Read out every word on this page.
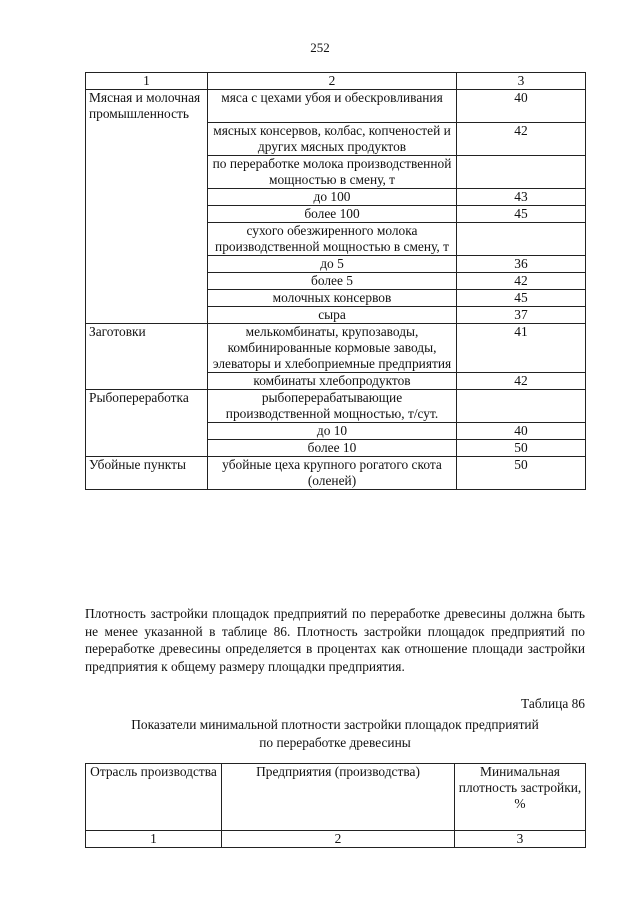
252
1	2	3
Мясная и молочная промышленность	мяса с цехами убоя и обескровливания	40
	мясных консервов, колбас, копченостей и других мясных продуктов	42
	по переработке молока производственной мощностью в смену, т	
	до 100	43
	более 100	45
	сухого обезжиренного молока производственной мощностью в смену, т	
	до 5	36
	более 5	42
	молочных консервов	45
	сыра	37
Заготовки	мелькомбинаты, крупозаводы, комбинированные кормовые заводы, элеваторы и хлебоприемные предприятия	41
	комбинаты хлебопродуктов	42
Рыбопереработка	рыбоперерабатывающие производственной мощностью, т/сут.	
	до 10	40
	более 10	50
Убойные пункты	убойные цеха крупного рогатого скота (оленей)	50
Плотность застройки площадок предприятий по переработке древесины должна быть не менее указанной в таблице 86. Плотность застройки площадок предприятий по переработке древесины определяется в процентах как отношение площади застройки предприятия к общему размеру площадки предприятия.
Таблица 86
Показатели минимальной плотности застройки площадок предприятий
по переработке древесины
Отрасль производства	Предприятия (производства)	Минимальная плотность застройки, %
1	2	3
